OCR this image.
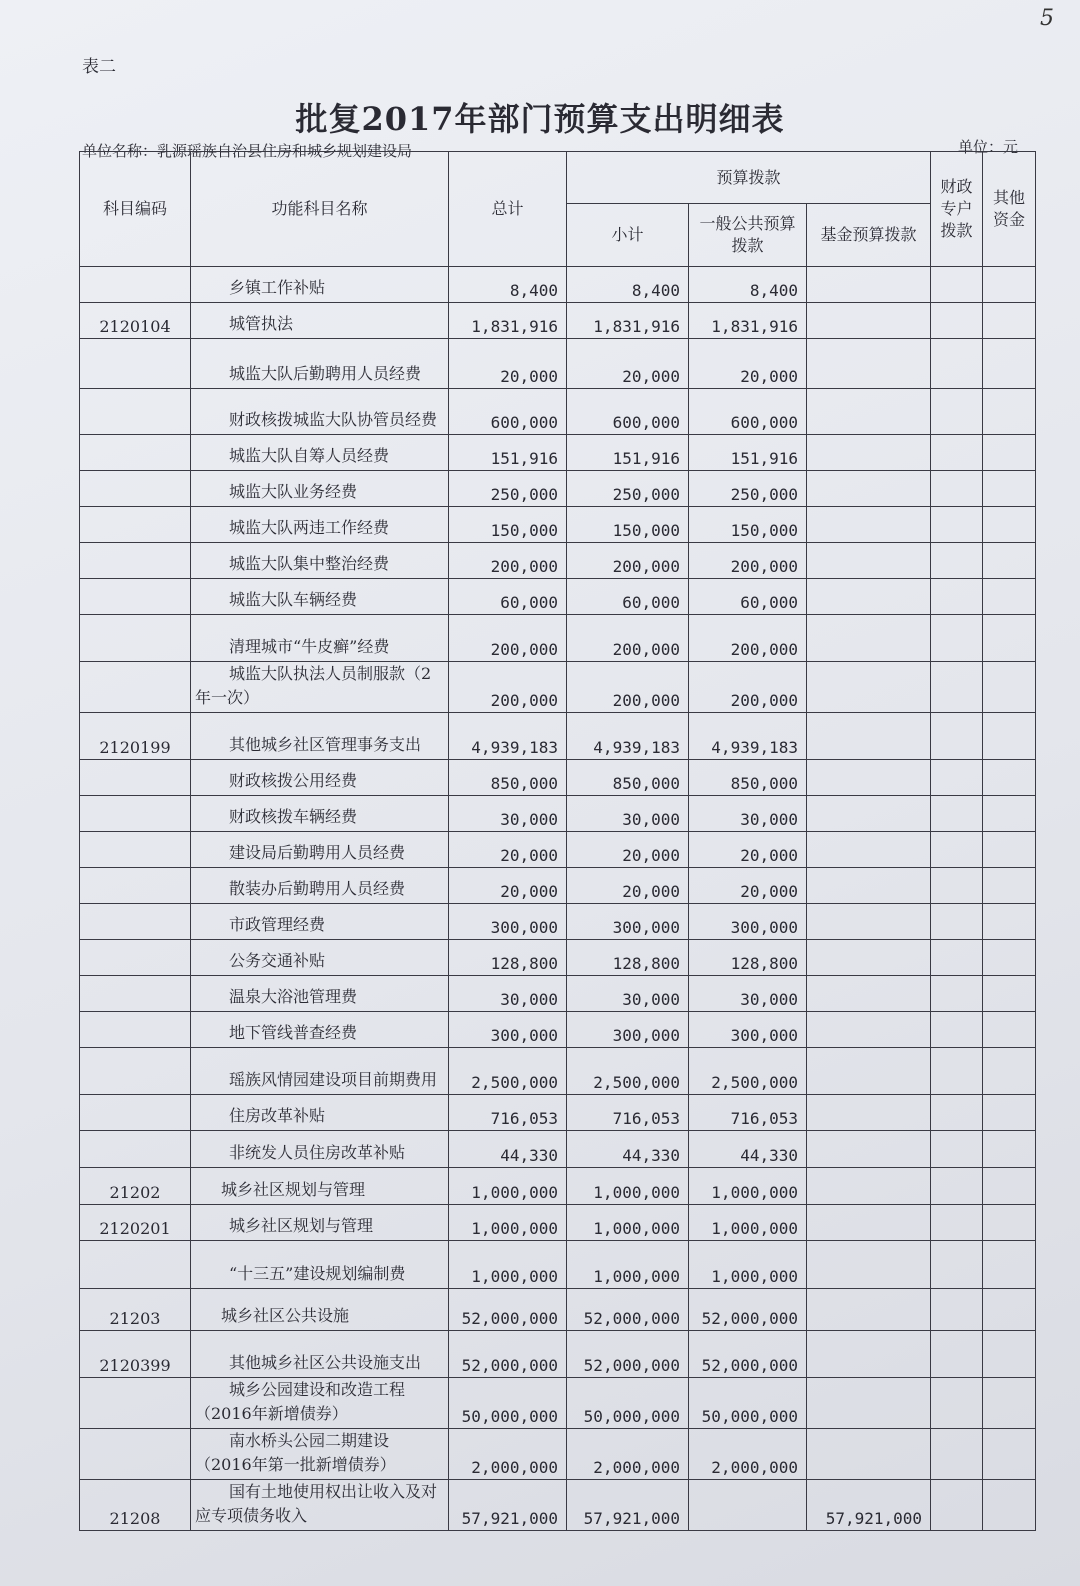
5
表二
批复2017年部门预算支出明细表
单位名称：乳源瑶族自治县住房和城乡规划建设局	单位：元
科目编码	功能科目名称	总计	预算拨款			财政专户拨款	其他资金
			小计	一般公共预算拨款	基金预算拨款		
	乡镇工作补贴	8,400	8,400	8,400			
2120104	城管执法	1,831,916	1,831,916	1,831,916			
	城监大队后勤聘用人员经费	20,000	20,000	20,000			
	财政核拨城监大队协管员经费	600,000	600,000	600,000			
	城监大队自筹人员经费	151,916	151,916	151,916			
	城监大队业务经费	250,000	250,000	250,000			
	城监大队两违工作经费	150,000	150,000	150,000			
	城监大队集中整治经费	200,000	200,000	200,000			
	城监大队车辆经费	60,000	60,000	60,000			
	清理城市“牛皮癣”经费	200,000	200,000	200,000			
	城监大队执法人员制服款（2年一次）	200,000	200,000	200,000			
2120199	其他城乡社区管理事务支出	4,939,183	4,939,183	4,939,183			
	财政核拨公用经费	850,000	850,000	850,000			
	财政核拨车辆经费	30,000	30,000	30,000			
	建设局后勤聘用人员经费	20,000	20,000	20,000			
	散装办后勤聘用人员经费	20,000	20,000	20,000			
	市政管理经费	300,000	300,000	300,000			
	公务交通补贴	128,800	128,800	128,800			
	温泉大浴池管理费	30,000	30,000	30,000			
	地下管线普查经费	300,000	300,000	300,000			
	瑶族风情园建设项目前期费用	2,500,000	2,500,000	2,500,000			
	住房改革补贴	716,053	716,053	716,053			
	非统发人员住房改革补贴	44,330	44,330	44,330			
21202	城乡社区规划与管理	1,000,000	1,000,000	1,000,000			
2120201	城乡社区规划与管理	1,000,000	1,000,000	1,000,000			
	“十三五”建设规划编制费	1,000,000	1,000,000	1,000,000			
21203	城乡社区公共设施	52,000,000	52,000,000	52,000,000			
2120399	其他城乡社区公共设施支出	52,000,000	52,000,000	52,000,000			
	城乡公园建设和改造工程（2016年新增债券）	50,000,000	50,000,000	50,000,000			
	南水桥头公园二期建设（2016年第一批新增债券）	2,000,000	2,000,000	2,000,000			
21208	国有土地使用权出让收入及对应专项债务收入	57,921,000	57,921,000		57,921,000		
